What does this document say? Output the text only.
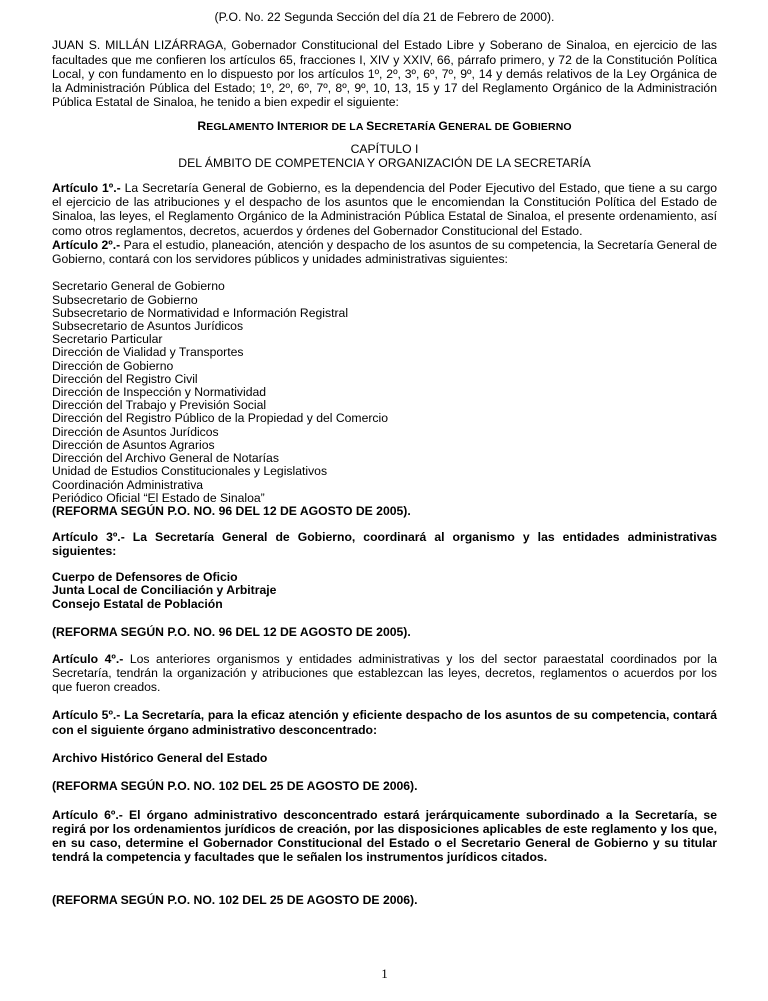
(P.O. No. 22 Segunda Sección del día 21 de Febrero de 2000).

JUAN S. MILLÁN LIZÁRRAGA, Gobernador Constitucional del Estado Libre y Soberano de Sinaloa, en ejercicio de las facultades que me confieren los artículos 65, fracciones I, XIV y XXIV, 66, párrafo primero, y 72 de la Constitución Política Local, y con fundamento en lo dispuesto por los artículos 1º, 2º, 3º, 6º, 7º, 9º, 14 y demás relativos de la Ley Orgánica de la Administración Pública del Estado; 1º, 2º, 6º, 7º, 8º, 9º, 10, 13, 15 y 17 del Reglamento Orgánico de la Administración Pública Estatal de Sinaloa, he tenido a bien expedir el siguiente:

REGLAMENTO INTERIOR DE LA SECRETARÍA GENERAL DE GOBIERNO

CAPÍTULO I
DEL ÁMBITO DE COMPETENCIA Y ORGANIZACIÓN DE LA SECRETARÍA

Artículo 1º.- La Secretaría General de Gobierno, es la dependencia del Poder Ejecutivo del Estado, que tiene a su cargo el ejercicio de las atribuciones y el despacho de los asuntos que le encomiendan la Constitución Política del Estado de Sinaloa, las leyes, el Reglamento Orgánico de la Administración Pública Estatal de Sinaloa, el presente ordenamiento, así como otros reglamentos, decretos, acuerdos y órdenes del Gobernador Constitucional del Estado.

Artículo 2º.- Para el estudio, planeación, atención y despacho de los asuntos de su competencia, la Secretaría General de Gobierno, contará con los servidores públicos y unidades administrativas siguientes:

Secretario General de Gobierno
Subsecretario de Gobierno
Subsecretario de Normatividad e Información Registral
Subsecretario de Asuntos Jurídicos
Secretario Particular
Dirección de Vialidad y Transportes
Dirección de Gobierno
Dirección del Registro Civil
Dirección de Inspección y Normatividad
Dirección del Trabajo y Previsión Social
Dirección del Registro Público de la Propiedad y del Comercio
Dirección de Asuntos Jurídicos
Dirección de Asuntos Agrarios
Dirección del Archivo General de Notarías
Unidad de Estudios Constitucionales y Legislativos
Coordinación Administrativa
Periódico Oficial “El Estado de Sinaloa”
(REFORMA SEGÚN P.O. NO. 96 DEL 12 DE AGOSTO DE 2005).

Artículo 3º.- La Secretaría General de Gobierno, coordinará al organismo y las entidades administrativas siguientes:

Cuerpo de Defensores de Oficio
Junta Local de Conciliación y Arbitraje
Consejo Estatal de Población

(REFORMA SEGÚN P.O. NO. 96 DEL 12 DE AGOSTO DE 2005).

Artículo 4º.- Los anteriores organismos y entidades administrativas y los del sector paraestatal coordinados por la Secretaría, tendrán la organización y atribuciones que establezcan las leyes, decretos, reglamentos o acuerdos por los que fueron creados.

Artículo 5º.- La Secretaría, para la eficaz atención y eficiente despacho de los asuntos de su competencia, contará con el siguiente órgano administrativo desconcentrado:

Archivo Histórico General del Estado

(REFORMA SEGÚN P.O. NO. 102 DEL 25 DE AGOSTO DE 2006).

Artículo 6º.- El órgano administrativo desconcentrado estará jerárquicamente subordinado a la Secretaría, se regirá por los ordenamientos jurídicos de creación, por las disposiciones aplicables de este reglamento y los que, en su caso, determine el Gobernador Constitucional del Estado o el Secretario General de Gobierno y su titular tendrá la competencia y facultades que le señalen los instrumentos jurídicos citados.

(REFORMA SEGÚN P.O. NO. 102 DEL 25 DE AGOSTO DE 2006).

1
